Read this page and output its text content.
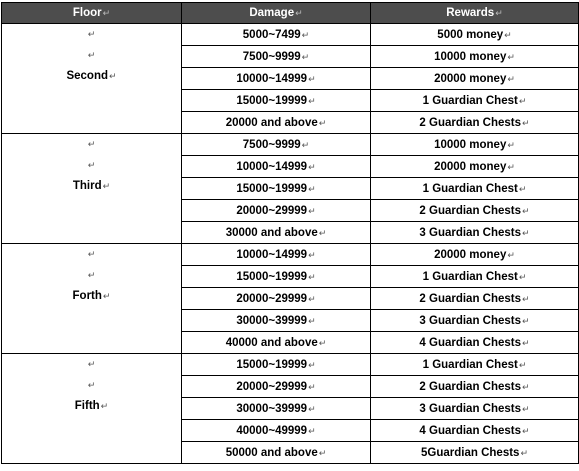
Floor↵	Damage↵	Rewards↵

↵
↵
Second↵	5000~7499↵	5000 money↵
	7500~9999↵	10000 money↵
	10000~14999↵	20000 money↵
	15000~19999↵	1 Guardian Chest↵
	20000 and above↵	2 Guardian Chests↵

↵
↵
Third↵	7500~9999↵	10000 money↵
	10000~14999↵	20000 money↵
	15000~19999↵	1 Guardian Chest↵
	20000~29999↵	2 Guardian Chests↵
	30000 and above↵	3 Guardian Chests↵

↵
↵
Forth↵	10000~14999↵	20000 money↵
	15000~19999↵	1 Guardian Chest↵
	20000~29999↵	2 Guardian Chests↵
	30000~39999↵	3 Guardian Chests↵
	40000 and above↵	4 Guardian Chests↵

↵
↵
Fifth↵	15000~19999↵	1 Guardian Chest↵
	20000~29999↵	2 Guardian Chests↵
	30000~39999↵	3 Guardian Chests↵
	40000~49999↵	4 Guardian Chests↵
	50000 and above↵	5Guardian Chests↵
